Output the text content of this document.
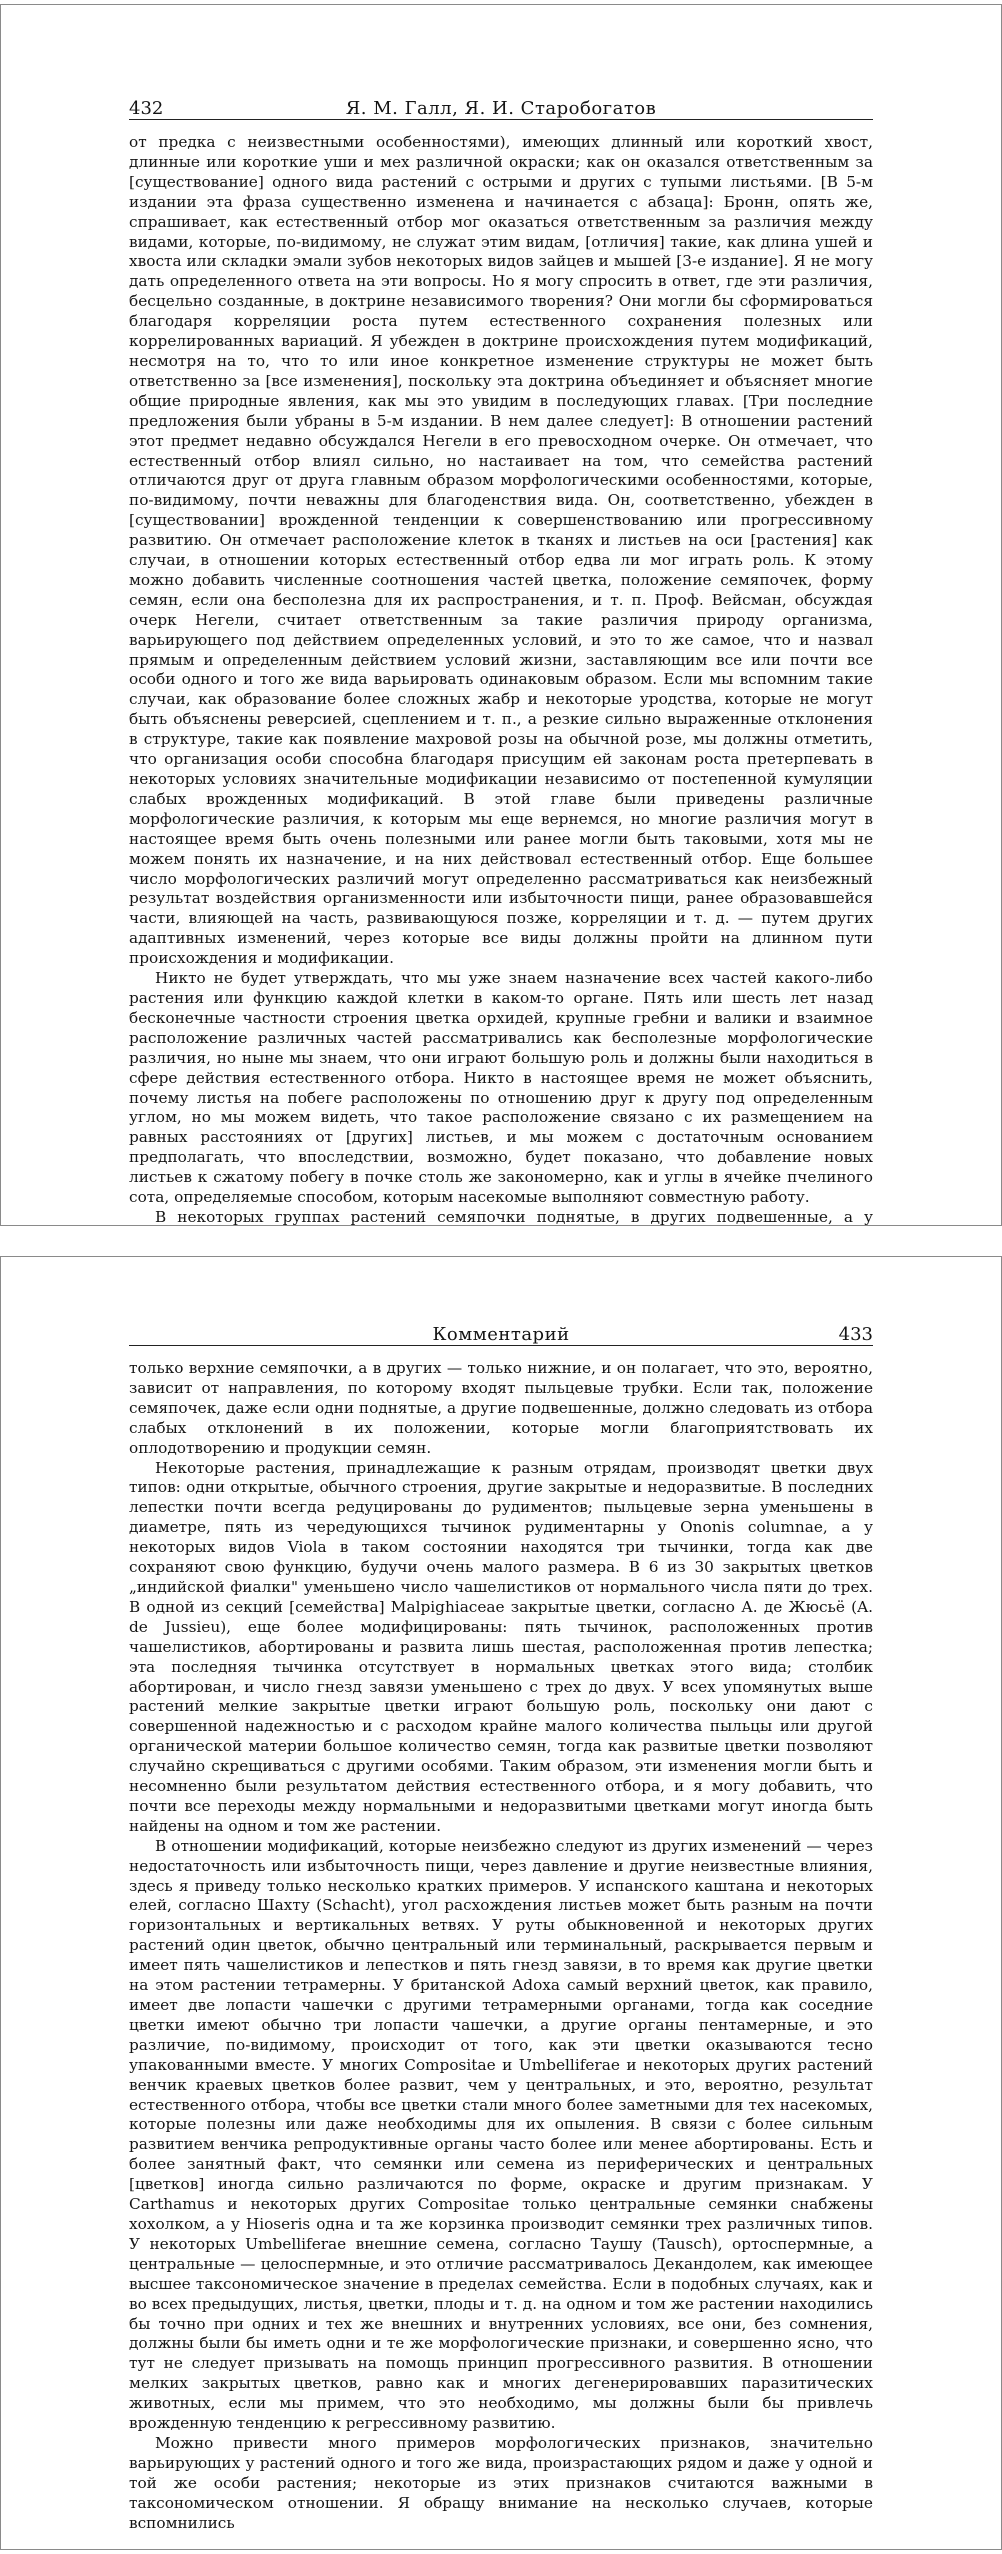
432	Я. М. Галл, Я. И. Старобогатов

от предка с неизвестными особенностями), имеющих длинный или короткий хвост, длинные или короткие уши и мех различной окраски; как он оказался ответственным за [существование] одного вида растений с острыми и других с тупыми листьями. [В 5-м издании эта фраза существенно изменена и начинается с абзаца]: Бронн, опять же, спрашивает, как естественный отбор мог оказаться ответственным за различия между видами, которые, по-видимому, не служат этим видам, [отличия] такие, как длина ушей и хвоста или складки эмали зубов некоторых видов зайцев и мышей [3-е издание]. Я не могу дать определенного ответа на эти вопросы. Но я могу спросить в ответ, где эти различия, бесцельно созданные, в доктрине независимого творения? Они могли бы сформироваться благодаря корреляции роста путем естественного сохранения полезных или коррелированных вариаций. Я убежден в доктрине происхождения путем модификаций, несмотря на то, что то или иное конкретное изменение структуры не может быть ответственно за [все изменения], поскольку эта доктрина объединяет и объясняет многие общие природные явления, как мы это увидим в последующих главах. [Три последние предложения были убраны в 5-м издании. В нем далее следует]: В отношении растений этот предмет недавно обсуждался Негели в его превосходном очерке. Он отмечает, что естественный отбор влиял сильно, но настаивает на том, что семейства растений отличаются друг от друга главным образом морфологическими особенностями, которые, по-видимому, почти неважны для благоденствия вида. Он, соответственно, убежден в [существовании] врожденной тенденции к совершенствованию или прогрессивному развитию. Он отмечает расположение клеток в тканях и листьев на оси [растения] как случаи, в отношении которых естественный отбор едва ли мог играть роль. К этому можно добавить численные соотношения частей цветка, положение семяпочек, форму семян, если она бесполезна для их распространения, и т. п. Проф. Вейсман, обсуждая очерк Негели, считает ответственным за такие различия природу организма, варьирующего под действием определенных условий, и это то же самое, что и назвал прямым и определенным действием условий жизни, заставляющим все или почти все особи одного и того же вида варьировать одинаковым образом. Если мы вспомним такие случаи, как образование более сложных жабр и некоторые уродства, которые не могут быть объяснены реверсией, сцеплением и т. п., а резкие сильно выраженные отклонения в структуре, такие как появление махровой розы на обычной розе, мы должны отметить, что организация особи способна благодаря присущим ей законам роста претерпевать в некоторых условиях значительные модификации независимо от постепенной кумуляции слабых врожденных модификаций. В этой главе были приведены различные морфологические различия, к которым мы еще вернемся, но многие различия могут в настоящее время быть очень полезными или ранее могли быть таковыми, хотя мы не можем понять их назначение, и на них действовал естественный отбор. Еще большее число морфологических различий могут определенно рассматриваться как неизбежный результат воздействия организменности или избыточности пищи, ранее образовавшейся части, влияющей на часть, развивающуюся позже, корреляции и т. д. — путем других адаптивных изменений, через которые все виды должны пройти на длинном пути происхождения и модификации.

Никто не будет утверждать, что мы уже знаем назначение всех частей какого-либо растения или функцию каждой клетки в каком-то органе. Пять или шесть лет назад бесконечные частности строения цветка орхидей, крупные гребни и валики и взаимное расположение различных частей рассматривались как бесполезные морфологические различия, но ныне мы знаем, что они играют большую роль и должны были находиться в сфере действия естественного отбора. Никто в настоящее время не может объяснить, почему листья на побеге расположены по отношению друг к другу под определенным углом, но мы можем видеть, что такое расположение связано с их размещением на равных расстояниях от [других] листьев, и мы можем с достаточным основанием предполагать, что впоследствии, возможно, будет показано, что добавление новых листьев к сжатому побегу в почке столь же закономерно, как и углы в ячейке пчелиного сота, определяемые способом, которым насекомые выполняют совместную работу.

В некоторых группах растений семяпочки поднятые, в других подвешенные, а у

Комментарий	433

только верхние семяпочки, а в других — только нижние, и он полагает, что это, вероятно, зависит от направления, по которому входят пыльцевые трубки. Если так, положение семяпочек, даже если одни поднятые, а другие подвешенные, должно следовать из отбора слабых отклонений в их положении, которые могли благоприятствовать их оплодотворению и продукции семян.

Некоторые растения, принадлежащие к разным отрядам, производят цветки двух типов: одни открытые, обычного строения, другие закрытые и недоразвитые. В последних лепестки почти всегда редуцированы до рудиментов; пыльцевые зерна уменьшены в диаметре, пять из чередующихся тычинок рудиментарны у Ononis columnae, а у некоторых видов Viola в таком состоянии находятся три тычинки, тогда как две сохраняют свою функцию, будучи очень малого размера. В 6 из 30 закрытых цветков „индийской фиалки" уменьшено число чашелистиков от нормального числа пяти до трех. В одной из секций [семейства] Malpighiaceae закрытые цветки, согласно А. де Жюсьё (A. de Jussieu), еще более модифицированы: пять тычинок, расположенных против чашелистиков, абортированы и развита лишь шестая, расположенная против лепестка; эта последняя тычинка отсутствует в нормальных цветках этого вида; столбик абортирован, и число гнезд завязи уменьшено с трех до двух. У всех упомянутых выше растений мелкие закрытые цветки играют большую роль, поскольку они дают с совершенной надежностью и с расходом крайне малого количества пыльцы или другой органической материи большое количество семян, тогда как развитые цветки позволяют случайно скрещиваться с другими особями. Таким образом, эти изменения могли быть и несомненно были результатом действия естественного отбора, и я могу добавить, что почти все переходы между нормальными и недоразвитыми цветками могут иногда быть найдены на одном и том же растении.

В отношении модификаций, которые неизбежно следуют из других изменений — через недостаточность или избыточность пищи, через давление и другие неизвестные влияния, здесь я приведу только несколько кратких примеров. У испанского каштана и некоторых елей, согласно Шахту (Schacht), угол расхождения листьев может быть разным на почти горизонтальных и вертикальных ветвях. У руты обыкновенной и некоторых других растений один цветок, обычно центральный или терминальный, раскрывается первым и имеет пять чашелистиков и лепестков и пять гнезд завязи, в то время как другие цветки на этом растении тетрамерны. У британской Adoxa самый верхний цветок, как правило, имеет две лопасти чашечки с другими тетрамерными органами, тогда как соседние цветки имеют обычно три лопасти чашечки, а другие органы пентамерные, и это различие, по-видимому, происходит от того, как эти цветки оказываются тесно упакованными вместе. У многих Compositae и Umbelliferae и некоторых других растений венчик краевых цветков более развит, чем у центральных, и это, вероятно, результат естественного отбора, чтобы все цветки стали много более заметными для тех насекомых, которые полезны или даже необходимы для их опыления. В связи с более сильным развитием венчика репродуктивные органы часто более или менее абортированы. Есть и более занятный факт, что семянки или семена из периферических и центральных [цветков] иногда сильно различаются по форме, окраске и другим признакам. У Carthamus и некоторых других Compositae только центральные семянки снабжены хохолком, а у Hioseris одна и та же корзинка производит семянки трех различных типов. У некоторых Umbelliferae внешние семена, согласно Таушу (Tausch), ортоспермные, а центральные — целоспермные, и это отличие рассматривалось Декандолем, как имеющее высшее таксономическое значение в пределах семейства. Если в подобных случаях, как и во всех предыдущих, листья, цветки, плоды и т. д. на одном и том же растении находились бы точно при одних и тех же внешних и внутренних условиях, все они, без сомнения, должны были бы иметь одни и те же морфологические признаки, и совершенно ясно, что тут не следует призывать на помощь принцип прогрессивного развития. В отношении мелких закрытых цветков, равно как и многих дегенерировавших паразитических животных, если мы примем, что это необходимо, мы должны были бы привлечь врожденную тенденцию к регрессивному развитию.

Можно привести много примеров морфологических признаков, значительно варьирующих у растений одного и того же вида, произрастающих рядом и даже у одной и той же особи растения; некоторые из этих признаков считаются важными в таксономическом отношении. Я обращу внимание на несколько случаев, которые вспомнились
